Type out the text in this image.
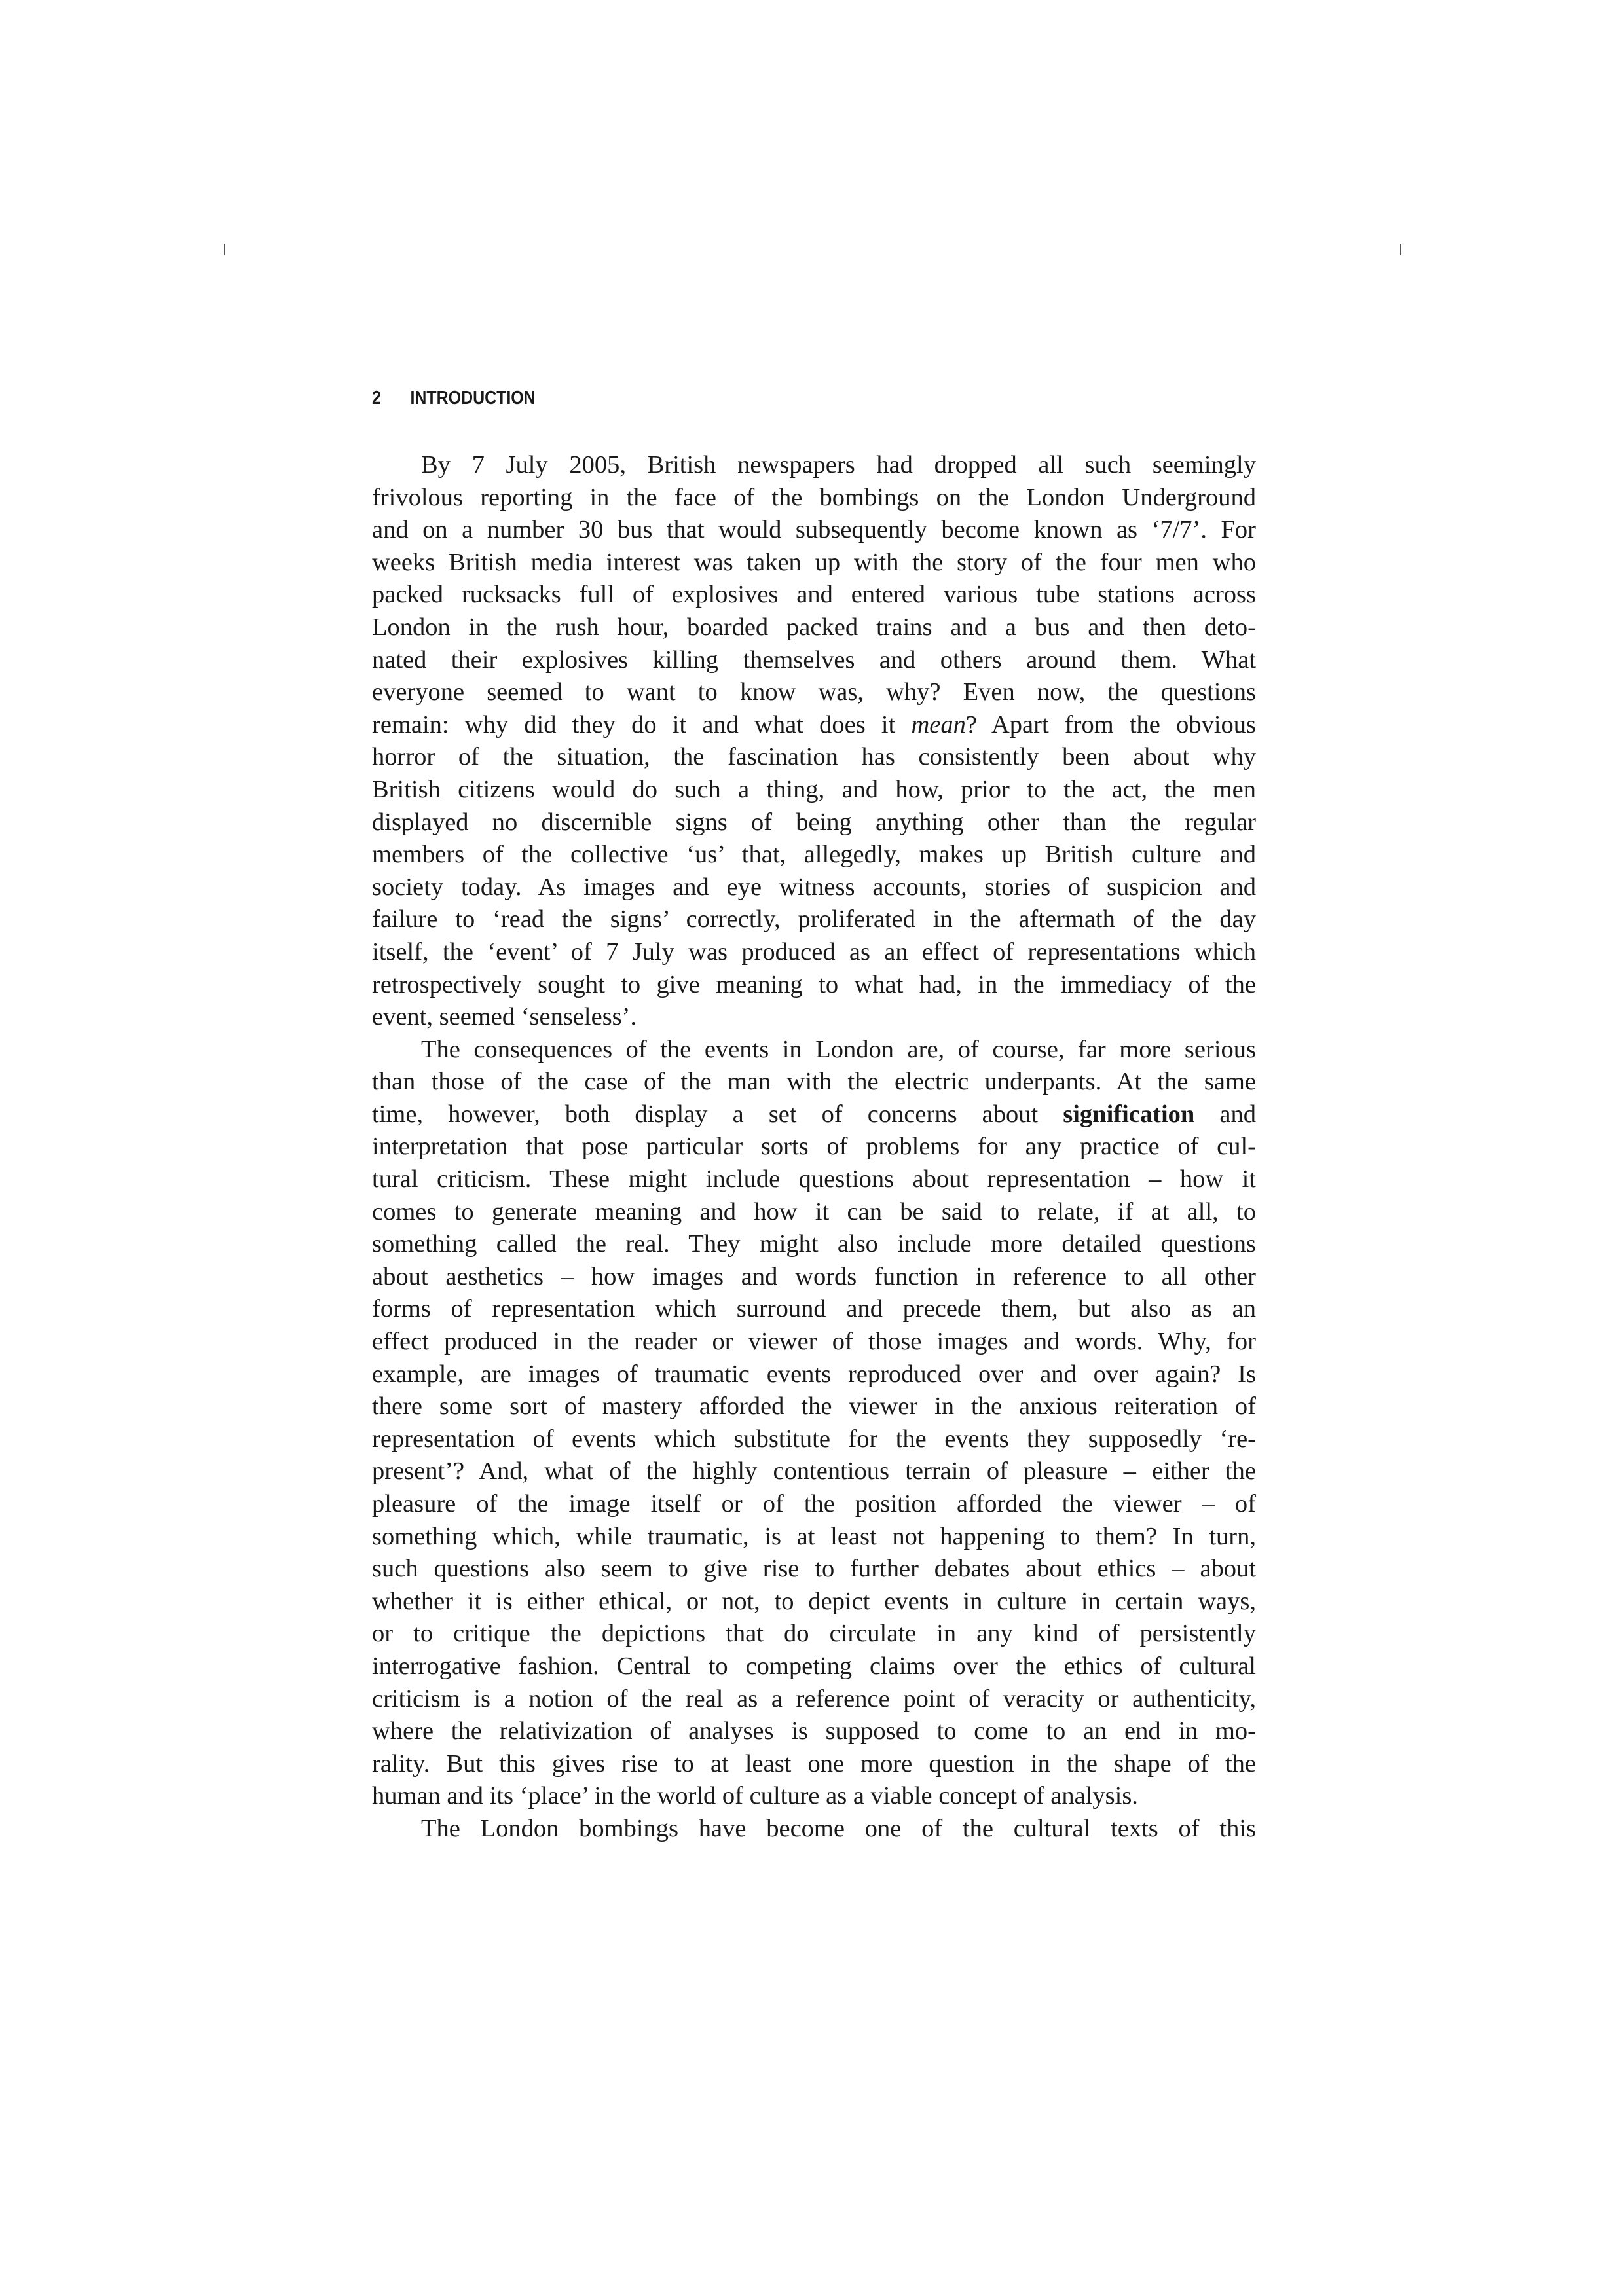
2 INTRODUCTION
By 7 July 2005, British newspapers had dropped all such seemingly
frivolous reporting in the face of the bombings on the London Underground
and on a number 30 bus that would subsequently become known as ‘7/7’. For
weeks British media interest was taken up with the story of the four men who
packed rucksacks full of explosives and entered various tube stations across
London in the rush hour, boarded packed trains and a bus and then deto-
nated their explosives killing themselves and others around them. What
everyone seemed to want to know was, why? Even now, the questions
remain: why did they do it and what does it mean? Apart from the obvious
horror of the situation, the fascination has consistently been about why
British citizens would do such a thing, and how, prior to the act, the men
displayed no discernible signs of being anything other than the regular
members of the collective ‘us’ that, allegedly, makes up British culture and
society today. As images and eye witness accounts, stories of suspicion and
failure to ‘read the signs’ correctly, proliferated in the aftermath of the day
itself, the ‘event’ of 7 July was produced as an effect of representations which
retrospectively sought to give meaning to what had, in the immediacy of the
event, seemed ‘senseless’.
The consequences of the events in London are, of course, far more serious
than those of the case of the man with the electric underpants. At the same
time, however, both display a set of concerns about signification and
interpretation that pose particular sorts of problems for any practice of cul-
tural criticism. These might include questions about representation – how it
comes to generate meaning and how it can be said to relate, if at all, to
something called the real. They might also include more detailed questions
about aesthetics – how images and words function in reference to all other
forms of representation which surround and precede them, but also as an
effect produced in the reader or viewer of those images and words. Why, for
example, are images of traumatic events reproduced over and over again? Is
there some sort of mastery afforded the viewer in the anxious reiteration of
representation of events which substitute for the events they supposedly ‘re-
present’? And, what of the highly contentious terrain of pleasure – either the
pleasure of the image itself or of the position afforded the viewer – of
something which, while traumatic, is at least not happening to them? In turn,
such questions also seem to give rise to further debates about ethics – about
whether it is either ethical, or not, to depict events in culture in certain ways,
or to critique the depictions that do circulate in any kind of persistently
interrogative fashion. Central to competing claims over the ethics of cultural
criticism is a notion of the real as a reference point of veracity or authenticity,
where the relativization of analyses is supposed to come to an end in mo-
rality. But this gives rise to at least one more question in the shape of the
human and its ‘place’ in the world of culture as a viable concept of analysis.
The London bombings have become one of the cultural texts of this
